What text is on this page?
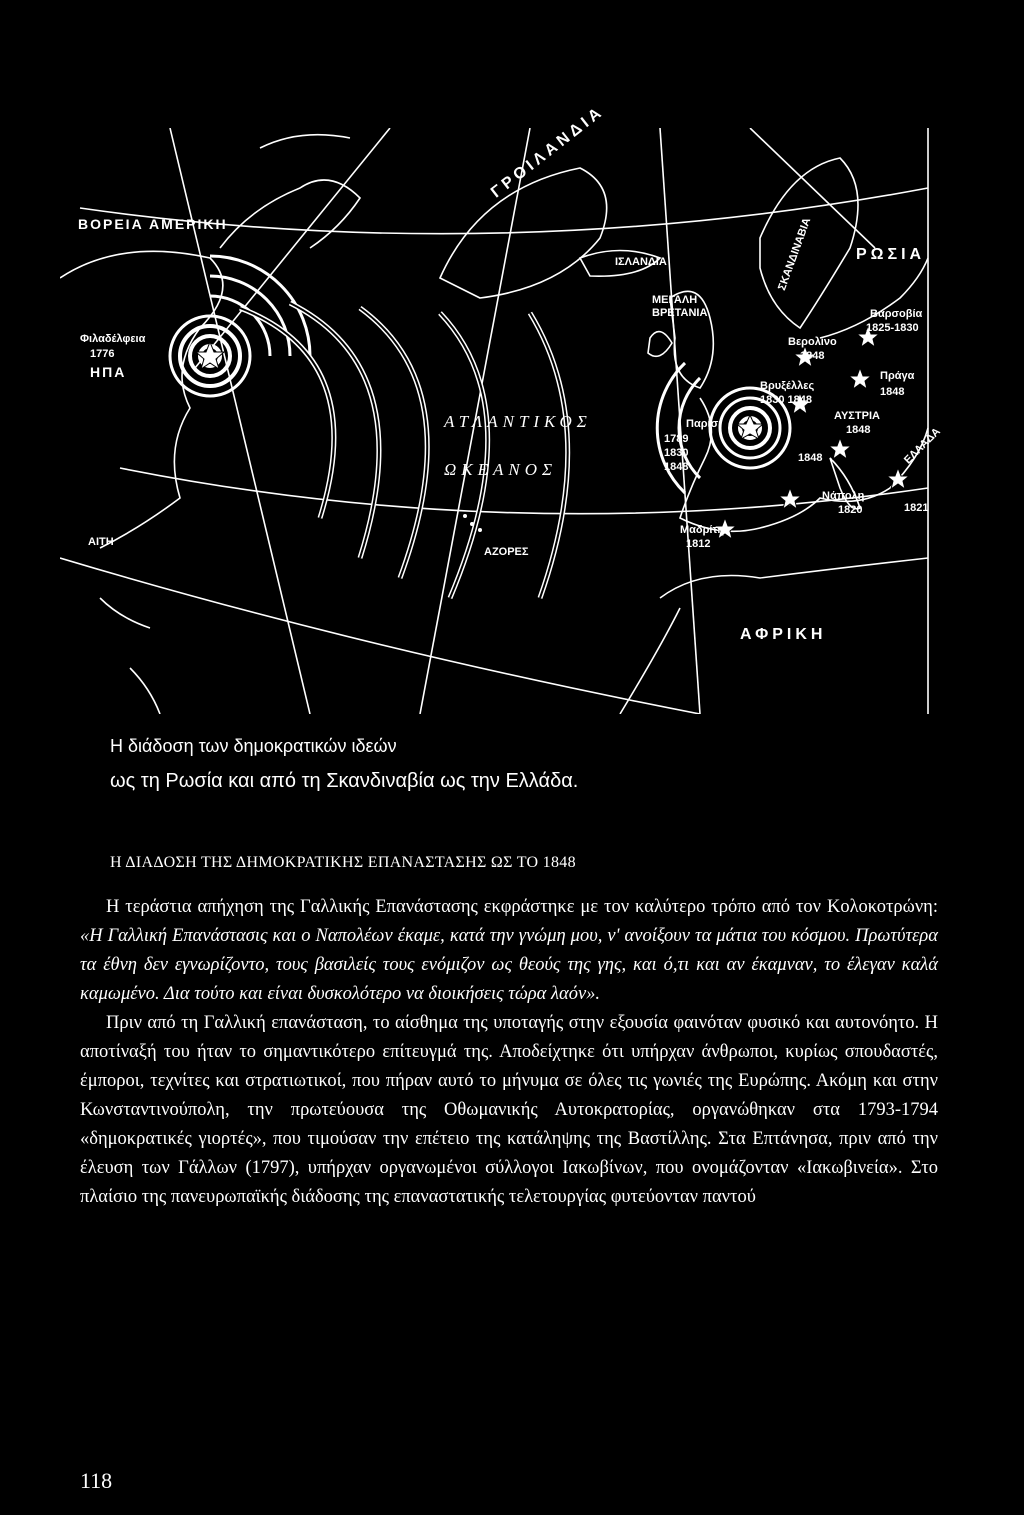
ΒΟΡΕΙΑ ΑΜΕΡΙΚΗ
Φιλαδέλφεια
1776
ΗΠΑ
ΑΙΤΗ
ΓΡΟΙΛΑΝΔΙΑ
ΙΣΛΑΝΔΙΑ
ΜΕΓΑΛΗ ΒΡΕΤΑΝΙΑ
ΣΚΑΝΔΙΝΑΒΙΑ	ΡΩΣΙΑ
Βαρσοβία
1825-1830
Βερολίνο
1848
Βρυξέλλες
1830 1848
Πράγα
1848
ΑΥΣΤΡΙΑ
1848
ΑΤΛΑΝΤΙΚΟΣ
ΩΚΕΑΝΟΣ
Παρίσι
1789 1830 1848
1848
Νάπολη
1820
ΕΛΛΑΔΑ
1821
Μαδρίτη
1812
ΑΖΟΡΕΣ
ΑΦΡΙΚΗ
Η διάδοση των δημοκρατικών ιδεών
ως τη Ρωσία και από τη Σκανδιναβία ως την Ελλάδα.
Η ΔΙΑΔΟΣΗ ΤΗΣ ΔΗΜΟΚΡΑΤΙΚΗΣ ΕΠΑΝΑΣΤΑΣΗΣ ΩΣ ΤΟ 1848

Η τεράστια απήχηση της Γαλλικής Επανάστασης εκφράστηκε με τον καλύτερο τρόπο από τον Κολοκοτρώνη: «Η Γαλλική Επανάστασις και ο Ναπολέων έκαμε, κατά την γνώμη μου, ν' ανοίξουν τα μάτια του κόσμου. Πρωτύτερα τα έθνη δεν εγνωρίζοντο, τους βασιλείς τους ενόμιζον ως θεούς της γης, και ό,τι και αν έκαμναν, το έλεγαν καλά καμωμένο. Δια τούτο και είναι δυσκολότερο να διοικήσεις τώρα λαόν».

Πριν από τη Γαλλική επανάσταση, το αίσθημα της υποταγής στην εξουσία φαινόταν φυσικό και αυτονόητο. Η αποτίναξή του ήταν το σημαντικότερο επίτευγμά της. Αποδείχτηκε ότι υπήρχαν άνθρωποι, κυρίως σπουδαστές, έμποροι, τεχνίτες και στρατιωτικοί, που πήραν αυτό το μήνυμα σε όλες τις γωνιές της Ευρώπης. Ακόμη και στην Κωνσταντινούπολη, την πρωτεύουσα της Οθωμανικής Αυτοκρατορίας, οργανώθηκαν στα 1793-1794 «δημοκρατικές γιορτές», που τιμούσαν την επέτειο της κατάληψης της Βαστίλλης. Στα Επτάνησα, πριν από την έλευση των Γάλλων (1797), υπήρχαν οργανωμένοι σύλλογοι Ιακωβίνων, που ονομάζονταν «Ιακωβινεία». Στο πλαίσιο της πανευρωπαϊκής διάδοσης της επαναστατικής τελετουργίας φυτεύονταν παντού

118
